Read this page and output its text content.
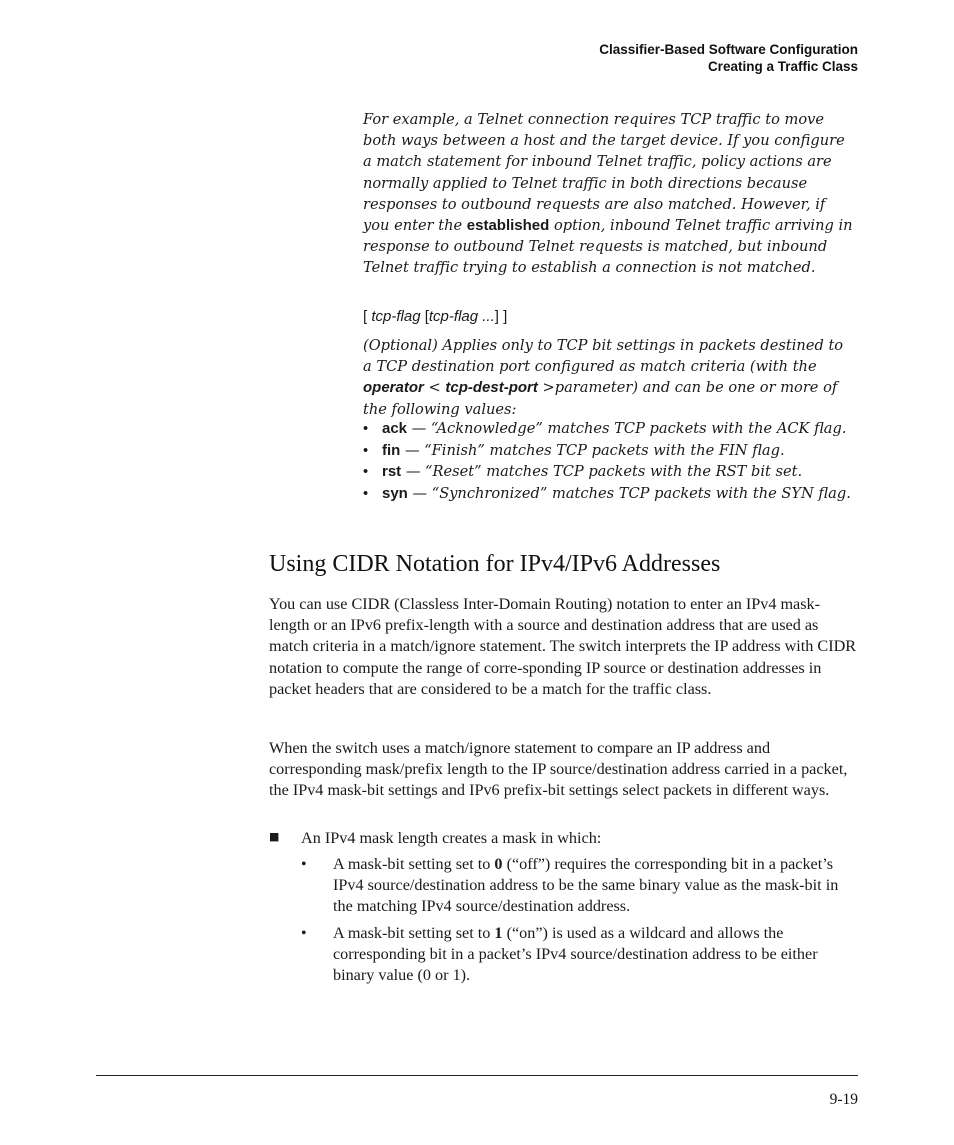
Classifier-Based Software Configuration
Creating a Traffic Class
For example, a Telnet connection requires TCP traffic to move both ways between a host and the target device. If you configure a match statement for inbound Telnet traffic, policy actions are normally applied to Telnet traffic in both directions because responses to outbound requests are also matched. However, if you enter the established option, inbound Telnet traffic arriving in response to outbound Telnet requests is matched, but inbound Telnet traffic trying to establish a connection is not matched.
[ tcp-flag [tcp-flag ...] ]
(Optional) Applies only to TCP bit settings in packets destined to a TCP destination port configured as match criteria (with the operator < tcp-dest-port >parameter) and can be one or more of the following values:
• ack — “Acknowledge” matches TCP packets with the ACK flag.
• fin — “Finish” matches TCP packets with the FIN flag.
• rst — “Reset” matches TCP packets with the RST bit set.
• syn — “Synchronized” matches TCP packets with the SYN flag.
Using CIDR Notation for IPv4/IPv6 Addresses

You can use CIDR (Classless Inter-Domain Routing) notation to enter an IPv4 mask-length or an IPv6 prefix-length with a source and destination address that are used as match criteria in a match/ignore statement. The switch interprets the IP address with CIDR notation to compute the range of corre-sponding IP source or destination addresses in packet headers that are considered to be a match for the traffic class.

When the switch uses a match/ignore statement to compare an IP address and corresponding mask/prefix length to the IP source/destination address carried in a packet, the IPv4 mask-bit settings and IPv6 prefix-bit settings select packets in different ways.

■ An IPv4 mask length creates a mask in which:
• A mask-bit setting set to 0 (“off”) requires the corresponding bit in a packet’s IPv4 source/destination address to be the same binary value as the mask-bit in the matching IPv4 source/destination address.
• A mask-bit setting set to 1 (“on”) is used as a wildcard and allows the corresponding bit in a packet’s IPv4 source/destination address to be either binary value (0 or 1).
9-19
